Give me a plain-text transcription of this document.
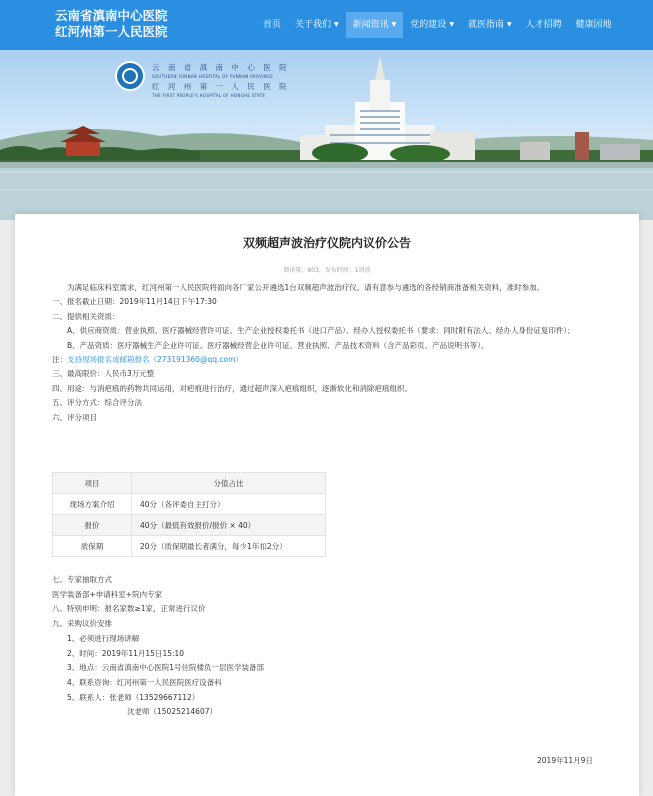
云南省滇南中心医院
红河州第一人民医院	首页 关于我们 ▼ 新闻资讯 ▼ 党的建设 ▼ 就医指南 ▼ 人才招聘 健康园地
云 南 省 滇 南 中 心 医 院
SOUTHERN YUNNAN HOSPITAL OF YUNNAN PROVINCE
红 河 州 第 一 人 民 医 院
THE FIRST PEOPLE'S HOSPITAL OF HONGHE STATE
双频超声波治疗仪院内议价公告
阅读量：803，发布时间：1周前

　　为满足临床科室需求，红河州第一人民医院将面向各厂家公开遴选1台双频超声波治疗仪。请有意参与遴选的各经销商准备相关资料，准时参加。

一、报名截止日期：2019年11月14日下午17:30

二、提供相关资质：

　　A、供应商资质：营业执照、医疗器械经营许可证、生产企业授权委托书（进口产品）、经办人授权委托书（要求：同时附有法人、经办人身份证复印件）；

　　B、产品资质：医疗器械生产企业许可证、医疗器械经营企业许可证、营业执照、产品技术资料（含产品彩页、产品说明书等）。

注：支持现场报名或邮箱报名（273191360@qq.com）

三、最高限价：人民币3万元整

四、用途：与消疤痕的药物共同运用，对疤痕进行治疗，通过超声深入疤痕组织，逐渐软化和消除疤痕组织。

五、评分方式：综合评分法

六、评分项目

项目	分值占比
现场方案介绍	40分（各评委自主打分）
报价	40分（最低有效报价/报价 × 40）
质保期	20分（质保期最长者满分，每少1年扣2分）

七、专家抽取方式

医学装备部+申请科室+院内专家

八、特别申明：报名家数≥1家，正常进行议价

九、采购议价安排

　　1、必须进行现场讲解

　　2、时间：2019年11月15日15:10

　　3、地点：云南省滇南中心医院1号住院楼负一层医学装备部

　　4、联系咨询：红河州第一人民医院医疗设备科

　　5、联系人：张老师（13529667112）

　　　　　　　　　　沈老师（15025214607）

2019年11月9日
